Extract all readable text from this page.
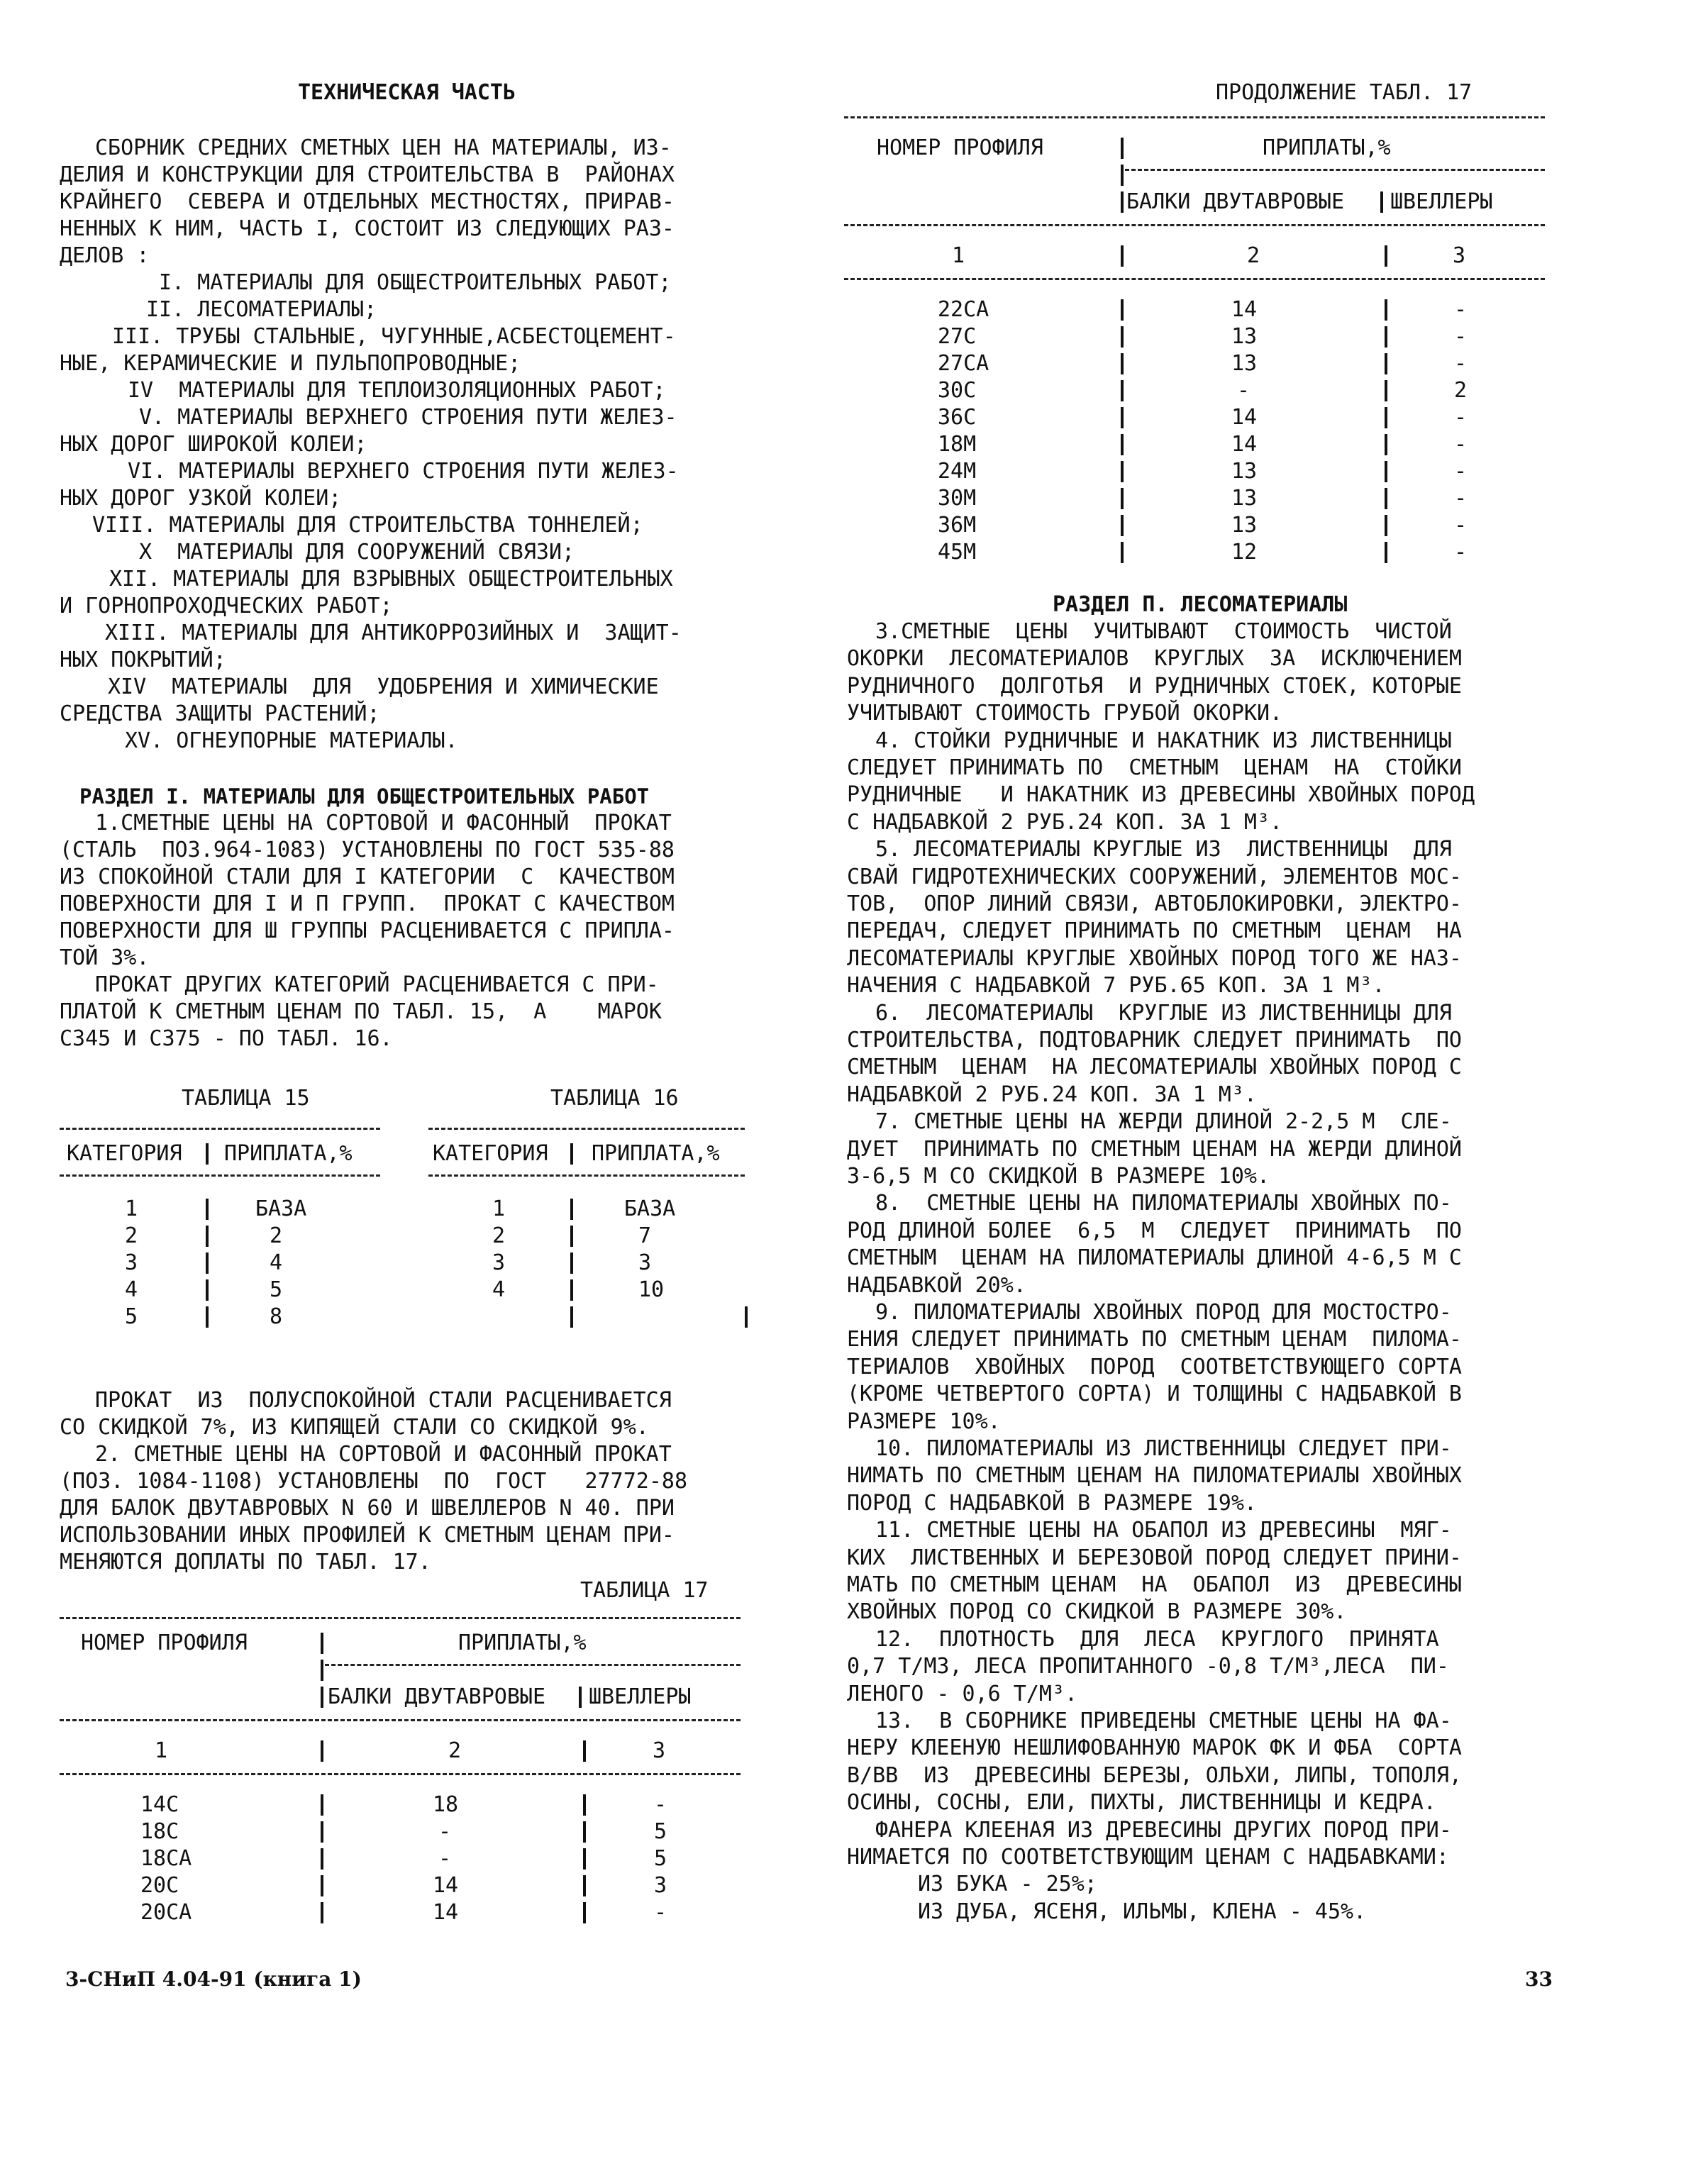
ТЕХНИЧЕСКАЯ ЧАСТЬ
СБОРНИК СРЕДНИХ СМЕТНЫХ ЦЕН НА МАТЕРИАЛЫ, ИЗ-
ДЕЛИЯ И КОНСТРУКЦИИ ДЛЯ СТРОИТЕЛЬСТВА В  РАЙОНАХ
КРАЙНЕГО  СЕВЕРА И ОТДЕЛЬНЫХ МЕСТНОСТЯХ, ПРИРАВ-
НЕННЫХ К НИМ, ЧАСТЬ I, СОСТОИТ ИЗ СЛЕДУЮЩИХ РАЗ-
ДЕЛОВ :
I. МАТЕРИАЛЫ ДЛЯ ОБЩЕСТРОИТЕЛЬНЫХ РАБОТ;
II. ЛЕСОМАТЕРИАЛЫ;
III. ТРУБЫ СТАЛЬНЫЕ, ЧУГУННЫЕ,АСБЕСТОЦЕМЕНТ-
НЫЕ, КЕРАМИЧЕСКИЕ И ПУЛЬПОПРОВОДНЫЕ;
IV  МАТЕРИАЛЫ ДЛЯ ТЕПЛОИЗОЛЯЦИОННЫХ РАБОТ;
V. МАТЕРИАЛЫ ВЕРХНЕГО СТРОЕНИЯ ПУТИ ЖЕЛЕЗ-
НЫХ ДОРОГ ШИРОКОЙ КОЛЕИ;
VI. МАТЕРИАЛЫ ВЕРХНЕГО СТРОЕНИЯ ПУТИ ЖЕЛЕЗ-
НЫХ ДОРОГ УЗКОЙ КОЛЕИ;
VIII. МАТЕРИАЛЫ ДЛЯ СТРОИТЕЛЬСТВА ТОННЕЛЕЙ;
X  МАТЕРИАЛЫ ДЛЯ СООРУЖЕНИЙ СВЯЗИ;
XII. МАТЕРИАЛЫ ДЛЯ ВЗРЫВНЫХ ОБЩЕСТРОИТЕЛЬНЫХ
И ГОРНОПРОХОДЧЕСКИХ РАБОТ;
XIII. МАТЕРИАЛЫ ДЛЯ АНТИКОРРОЗИЙНЫХ И  ЗАЩИТ-
НЫХ ПОКРЫТИЙ;
XIV  МАТЕРИАЛЫ  ДЛЯ  УДОБРЕНИЯ И ХИМИЧЕСКИЕ
СРЕДСТВА ЗАЩИТЫ РАСТЕНИЙ;
XV. ОГНЕУПОРНЫЕ МАТЕРИАЛЫ.
РАЗДЕЛ I. МАТЕРИАЛЫ ДЛЯ ОБЩЕСТРОИТЕЛЬНЫХ РАБОТ
1.СМЕТНЫЕ ЦЕНЫ НА СОРТОВОЙ И ФАСОННЫЙ  ПРОКАТ
(СТАЛЬ  ПОЗ.964-1083) УСТАНОВЛЕНЫ ПО ГОСТ 535-88
ИЗ СПОКОЙНОЙ СТАЛИ ДЛЯ I КАТЕГОРИИ  С  КАЧЕСТВОМ
ПОВЕРХНОСТИ ДЛЯ I И П ГРУПП.  ПРОКАТ С КАЧЕСТВОМ
ПОВЕРХНОСТИ ДЛЯ Ш ГРУППЫ РАСЦЕНИВАЕТСЯ С ПРИПЛА-
ТОЙ 3%.
ПРОКАТ ДРУГИХ КАТЕГОРИЙ РАСЦЕНИВАЕТСЯ С ПРИ-
ПЛАТОЙ К СМЕТНЫМ ЦЕНАМ ПО ТАБЛ. 15,  А    МАРОК
С345 И С375 - ПО ТАБЛ. 16.
ТАБЛИЦА 15
КАТЕГОРИЯ ПРИПЛАТА,%
1	БАЗА
2	2
3	4
4	5
5	8
ТАБЛИЦА 16
КАТЕГОРИЯ ПРИПЛАТА,%
1	БАЗА
2	7
3	3
4	10
ПРОКАТ  ИЗ  ПОЛУСПОКОЙНОЙ СТАЛИ РАСЦЕНИВАЕТСЯ
СО СКИДКОЙ 7%, ИЗ КИПЯЩЕЙ СТАЛИ СО СКИДКОЙ 9%.
2. СМЕТНЫЕ ЦЕНЫ НА СОРТОВОЙ И ФАСОННЫЙ ПРОКАТ
(ПОЗ. 1084-1108) УСТАНОВЛЕНЫ  ПО  ГОСТ   27772-88
ДЛЯ БАЛОК ДВУТАВРОВЫХ N 60 И ШВЕЛЛЕРОВ N 40. ПРИ
ИСПОЛЬЗОВАНИИ ИНЫХ ПРОФИЛЕЙ К СМЕТНЫМ ЦЕНАМ ПРИ-
МЕНЯЮТСЯ ДОПЛАТЫ ПО ТАБЛ. 17.
ТАБЛИЦА 17
НОМЕР ПРОФИЛЯ	ПРИПЛАТЫ,%
БАЛКИ ДВУТАВРОВЫЕ ШВЕЛЛЕРЫ
1	2	3
14С	18	-
18С	-	5
18СА	-	5
20С	14	3
20СА	14	-
3-СНиП 4.04-91 (книга 1)
ПРОДОЛЖЕНИЕ ТАБЛ. 17
НОМЕР ПРОФИЛЯ	ПРИПЛАТЫ,%
БАЛКИ ДВУТАВРОВЫЕ ШВЕЛЛЕРЫ
1	2	3
22СА	14	-
27С	13	-
27СА	13	-
30С	-	2
36С	14	-
18М	14	-
24М	13	-
30М	13	-
36М	13	-
45М	12	-
РАЗДЕЛ П. ЛЕСОМАТЕРИАЛЫ
3.СМЕТНЫЕ  ЦЕНЫ  УЧИТЫВАЮТ  СТОИМОСТЬ  ЧИСТОЙ
ОКОРКИ  ЛЕСОМАТЕРИАЛОВ  КРУГЛЫХ  ЗА  ИСКЛЮЧЕНИЕМ
РУДНИЧНОГО  ДОЛГОТЬЯ  И РУДНИЧНЫХ СТОЕК, КОТОРЫЕ
УЧИТЫВАЮТ СТОИМОСТЬ ГРУБОЙ ОКОРКИ.
4. СТОЙКИ РУДНИЧНЫЕ И НАКАТНИК ИЗ ЛИСТВЕННИЦЫ
СЛЕДУЕТ ПРИНИМАТЬ ПО  СМЕТНЫМ  ЦЕНАМ  НА  СТОЙКИ
РУДНИЧНЫЕ   И НАКАТНИК ИЗ ДРЕВЕСИНЫ ХВОЙНЫХ ПОРОД
С НАДБАВКОЙ 2 РУБ.24 КОП. ЗА 1 М³.
5. ЛЕСОМАТЕРИАЛЫ КРУГЛЫЕ ИЗ  ЛИСТВЕННИЦЫ  ДЛЯ
СВАЙ ГИДРОТЕХНИЧЕСКИХ СООРУЖЕНИЙ, ЭЛЕМЕНТОВ МОС-
ТОВ,  ОПОР ЛИНИЙ СВЯЗИ, АВТОБЛОКИРОВКИ, ЭЛЕКТРО-
ПЕРЕДАЧ, СЛЕДУЕТ ПРИНИМАТЬ ПО СМЕТНЫМ  ЦЕНАМ  НА
ЛЕСОМАТЕРИАЛЫ КРУГЛЫЕ ХВОЙНЫХ ПОРОД ТОГО ЖЕ НАЗ-
НАЧЕНИЯ С НАДБАВКОЙ 7 РУБ.65 КОП. ЗА 1 М³.
6.  ЛЕСОМАТЕРИАЛЫ  КРУГЛЫЕ ИЗ ЛИСТВЕННИЦЫ ДЛЯ
СТРОИТЕЛЬСТВА, ПОДТОВАРНИК СЛЕДУЕТ ПРИНИМАТЬ  ПО
СМЕТНЫМ  ЦЕНАМ  НА ЛЕСОМАТЕРИАЛЫ ХВОЙНЫХ ПОРОД С
НАДБАВКОЙ 2 РУБ.24 КОП. ЗА 1 М³.
7. СМЕТНЫЕ ЦЕНЫ НА ЖЕРДИ ДЛИНОЙ 2-2,5 М  СЛЕ-
ДУЕТ  ПРИНИМАТЬ ПО СМЕТНЫМ ЦЕНАМ НА ЖЕРДИ ДЛИНОЙ
3-6,5 М СО СКИДКОЙ В РАЗМЕРЕ 10%.
8.  СМЕТНЫЕ ЦЕНЫ НА ПИЛОМАТЕРИАЛЫ ХВОЙНЫХ ПО-
РОД ДЛИНОЙ БОЛЕЕ  6,5  М  СЛЕДУЕТ  ПРИНИМАТЬ  ПО
СМЕТНЫМ  ЦЕНАМ НА ПИЛОМАТЕРИАЛЫ ДЛИНОЙ 4-6,5 М С
НАДБАВКОЙ 20%.
9. ПИЛОМАТЕРИАЛЫ ХВОЙНЫХ ПОРОД ДЛЯ МОСТОСТРО-
ЕНИЯ СЛЕДУЕТ ПРИНИМАТЬ ПО СМЕТНЫМ ЦЕНАМ  ПИЛОМА-
ТЕРИАЛОВ  ХВОЙНЫХ  ПОРОД  СООТВЕТСТВУЮЩЕГО СОРТА
(КРОМЕ ЧЕТВЕРТОГО СОРТА) И ТОЛЩИНЫ С НАДБАВКОЙ В
РАЗМЕРЕ 10%.
10. ПИЛОМАТЕРИАЛЫ ИЗ ЛИСТВЕННИЦЫ СЛЕДУЕТ ПРИ-
НИМАТЬ ПО СМЕТНЫМ ЦЕНАМ НА ПИЛОМАТЕРИАЛЫ ХВОЙНЫХ
ПОРОД С НАДБАВКОЙ В РАЗМЕРЕ 19%.
11. СМЕТНЫЕ ЦЕНЫ НА ОБАПОЛ ИЗ ДРЕВЕСИНЫ  МЯГ-
КИХ  ЛИСТВЕННЫХ И БЕРЕЗОВОЙ ПОРОД СЛЕДУЕТ ПРИНИ-
МАТЬ ПО СМЕТНЫМ ЦЕНАМ  НА  ОБАПОЛ  ИЗ  ДРЕВЕСИНЫ
ХВОЙНЫХ ПОРОД СО СКИДКОЙ В РАЗМЕРЕ 30%.
12.  ПЛОТНОСТЬ  ДЛЯ  ЛЕСА  КРУГЛОГО  ПРИНЯТА
0,7 Т/М3, ЛЕСА ПРОПИТАННОГО -0,8 Т/М³,ЛЕСА  ПИ-
ЛЕНОГО - 0,6 Т/М³.
13.  В СБОРНИКЕ ПРИВЕДЕНЫ СМЕТНЫЕ ЦЕНЫ НА ФА-
НЕРУ КЛЕЕНУЮ НЕШЛИФОВАННУЮ МАРОК ФК И ФБА  СОРТА
В/ВВ  ИЗ  ДРЕВЕСИНЫ БЕРЕЗЫ, ОЛЬХИ, ЛИПЫ, ТОПОЛЯ,
ОСИНЫ, СОСНЫ, ЕЛИ, ПИХТЫ, ЛИСТВЕННИЦЫ И КЕДРА.
ФАНЕРА КЛЕЕНАЯ ИЗ ДРЕВЕСИНЫ ДРУГИХ ПОРОД ПРИ-
НИМАЕТСЯ ПО СООТВЕТСТВУЮЩИМ ЦЕНАМ С НАДБАВКАМИ:
ИЗ БУКА - 25%;
ИЗ ДУБА, ЯСЕНЯ, ИЛЬМЫ, КЛЕНА - 45%.
33
